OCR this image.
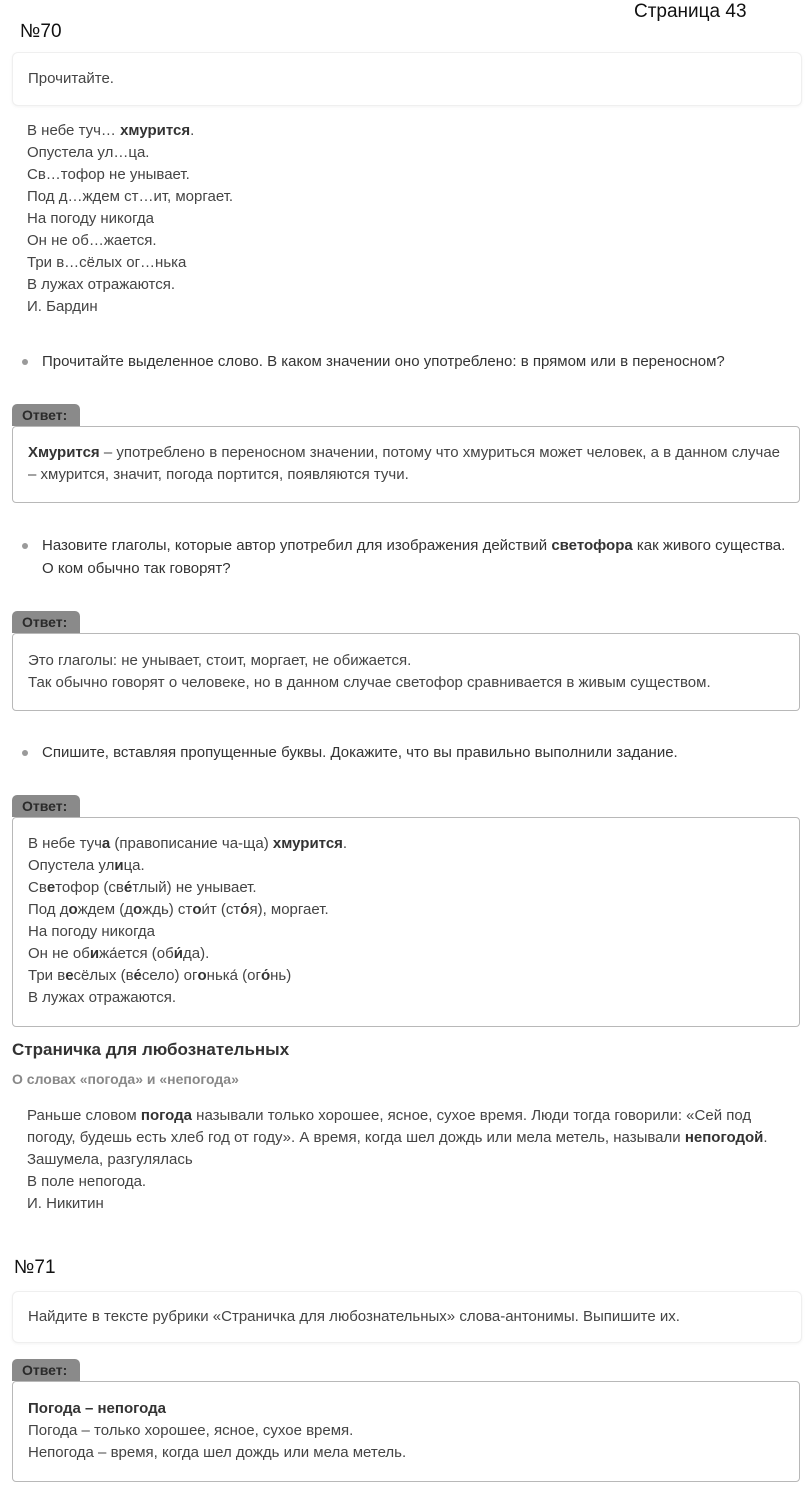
Страница 43
№70
Прочитайте.
В небе туч… хмурится.
Опустела ул…ца.
Св…тофор не унывает.
Под д…ждем ст…ит, моргает.
На погоду никогда
Он не об…жается.
Три в…сёлых ог…нька
В лужах отражаются.
И. Бардин
Прочитайте выделенное слово. В каком значении оно употреблено: в прямом или в переносном?
Ответ:
Хмурится – употреблено в переносном значении, потому что хмуриться может человек, а в данном случае – хмурится, значит, погода портится, появляются тучи.
Назовите глаголы, которые автор употребил для изображения действий светофора как живого существа. О ком обычно так говорят?
Ответ:
Это глаголы: не унывает, стоит, моргает, не обижается.
Так обычно говорят о человеке, но в данном случае светофор сравнивается в живым существом.
Спишите, вставляя пропущенные буквы. Докажите, что вы правильно выполнили задание.
Ответ:
В небе туча (правописание ча-ща) хмурится.
Опустела улица.
Светофор (све́тлый) не унывает.
Под дождем (дождь) стои́т (сто́я), моргает.
На погоду никогда
Он не обижа́ется (оби́да).
Три весёлых (ве́село) огонька́ (ого́нь)
В лужах отражаются.
Страничка для любознательных
О словах «погода» и «непогода»
Раньше словом погода называли только хорошее, ясное, сухое время. Люди тогда говорили: «Сей под погоду, будешь есть хлеб год от году». А время, когда шел дождь или мела метель, называли непогодой.
Зашумела, разгулялась
В поле непогода.
И. Никитин
№71
Найдите в тексте рубрики «Страничка для любознательных» слова-антонимы. Выпишите их.
Ответ:
Погода – непогода
Погода – только хорошее, ясное, сухое время.
Непогода – время, когда шел дождь или мела метель.
